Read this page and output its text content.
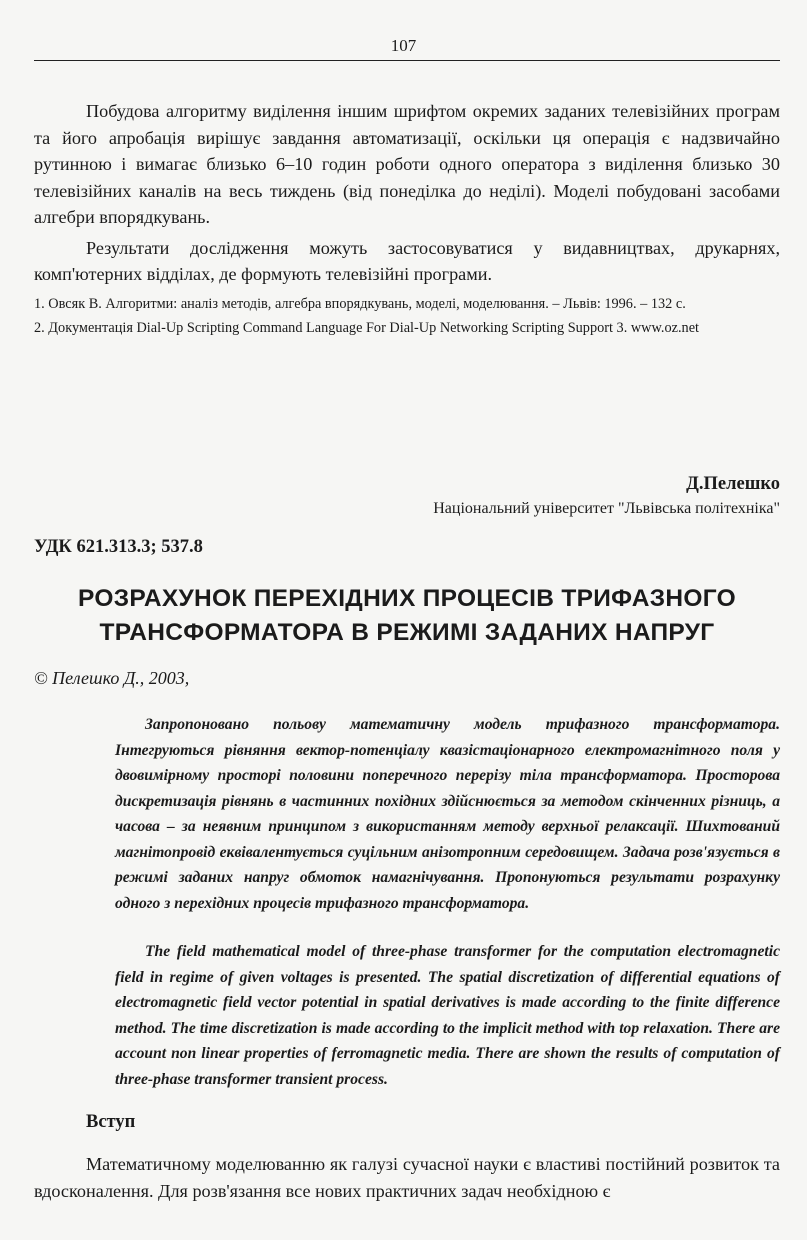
107

Побудова алгоритму виділення іншим шрифтом окремих заданих телевізійних програм та його апробація вирішує завдання автоматизації, оскільки ця операція є надзвичайно рутинною і вимагає близько 6–10 годин роботи одного оператора з виділення близько 30 телевізійних каналів на весь тиждень (від понеділка до неділі). Моделі побудовані засобами алгебри впорядкувань.

Результати дослідження можуть застосовуватися у видавництвах, друкарнях, комп'ютерних відділах, де формують телевізійні програми.

1. Овсяк В. Алгоритми: аналіз методів, алгебра впорядкувань, моделі, моделювання. – Львів: 1996. – 132 с.
2. Документація Dial-Up Scripting Command Language For Dial-Up Networking Scripting Support 3. www.oz.net
Д.Пелешко
Національний університет "Львівська політехніка"
УДК 621.313.3; 537.8
РОЗРАХУНОК ПЕРЕХІДНИХ ПРОЦЕСІВ ТРИФАЗНОГО
ТРАНСФОРМАТОРА В РЕЖИМІ ЗАДАНИХ НАПРУГ
© Пелешко Д., 2003,

Запропоновано польову математичну модель трифазного трансформатора. Інтегруються рівняння вектор-потенціалу квазістаціонарного електромагнітного поля у двовимірному просторі половини поперечного перерізу тіла трансформатора. Просторова дискретизація рівнянь в частинних похідних здійснюється за методом скінченних різниць, а часова – за неявним принципом з використанням методу верхньої релаксації. Шихтований магнітопровід еквівалентується суцільним анізотропним середовищем. Задача розв'язується в режимі заданих напруг обмоток намагнічування. Пропонуються результати розрахунку одного з перехідних процесів трифазного трансформатора.

The field mathematical model of three-phase transformer for the computation electromagnetic field in regime of given voltages is presented. The spatial discretization of differential equations of electromagnetic field vector potential in spatial derivatives is made according to the finite difference method. The time discretization is made according to the implicit method with top relaxation. There are account non linear properties of ferromagnetic media. There are shown the results of computation of three-phase transformer transient process.

Вступ

Математичному моделюванню як галузі сучасної науки є властиві постійний розвиток та вдосконалення. Для розв'язання все нових практичних задач необхідною є
